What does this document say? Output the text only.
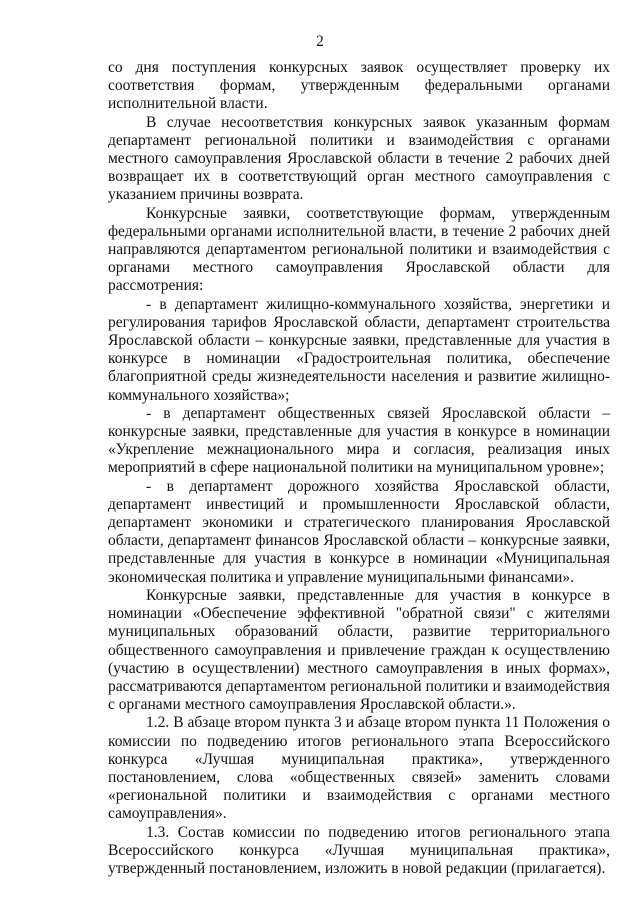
2

со дня поступления конкурсных заявок осуществляет проверку их соответствия формам, утвержденным федеральными органами исполнительной власти.

В случае несоответствия конкурсных заявок указанным формам департамент региональной политики и взаимодействия с органами местного самоуправления Ярославской области в течение 2 рабочих дней возвращает их в соответствующий орган местного самоуправления с указанием причины возврата.

Конкурсные заявки, соответствующие формам, утвержденным федеральными органами исполнительной власти, в течение 2 рабочих дней направляются департаментом региональной политики и взаимодействия с органами местного самоуправления Ярославской области для рассмотрения:

- в департамент жилищно-коммунального хозяйства, энергетики и регулирования тарифов Ярославской области, департамент строительства Ярославской области – конкурсные заявки, представленные для участия в конкурсе в номинации «Градостроительная политика, обеспечение благоприятной среды жизнедеятельности населения и развитие жилищно-коммунального хозяйства»;

- в департамент общественных связей Ярославской области – конкурсные заявки, представленные для участия в конкурсе в номинации «Укрепление межнационального мира и согласия, реализация иных мероприятий в сфере национальной политики на муниципальном уровне»;

- в департамент дорожного хозяйства Ярославской области, департамент инвестиций и промышленности Ярославской области, департамент экономики и стратегического планирования Ярославской области, департамент финансов Ярославской области – конкурсные заявки, представленные для участия в конкурсе в номинации «Муниципальная экономическая политика и управление муниципальными финансами».

Конкурсные заявки, представленные для участия в конкурсе в номинации «Обеспечение эффективной "обратной связи" с жителями муниципальных образований области, развитие территориального общественного самоуправления и привлечение граждан к осуществлению (участию в осуществлении) местного самоуправления в иных формах», рассматриваются департаментом региональной политики и взаимодействия с органами местного самоуправления Ярославской области.».

1.2. В абзаце втором пункта 3 и абзаце втором пункта 11 Положения о комиссии по подведению итогов регионального этапа Всероссийского конкурса «Лучшая муниципальная практика», утвержденного постановлением, слова «общественных связей» заменить словами «региональной политики и взаимодействия с органами местного самоуправления».

1.3. Состав комиссии по подведению итогов регионального этапа Всероссийского конкурса «Лучшая муниципальная практика», утвержденный постановлением, изложить в новой редакции (прилагается).
